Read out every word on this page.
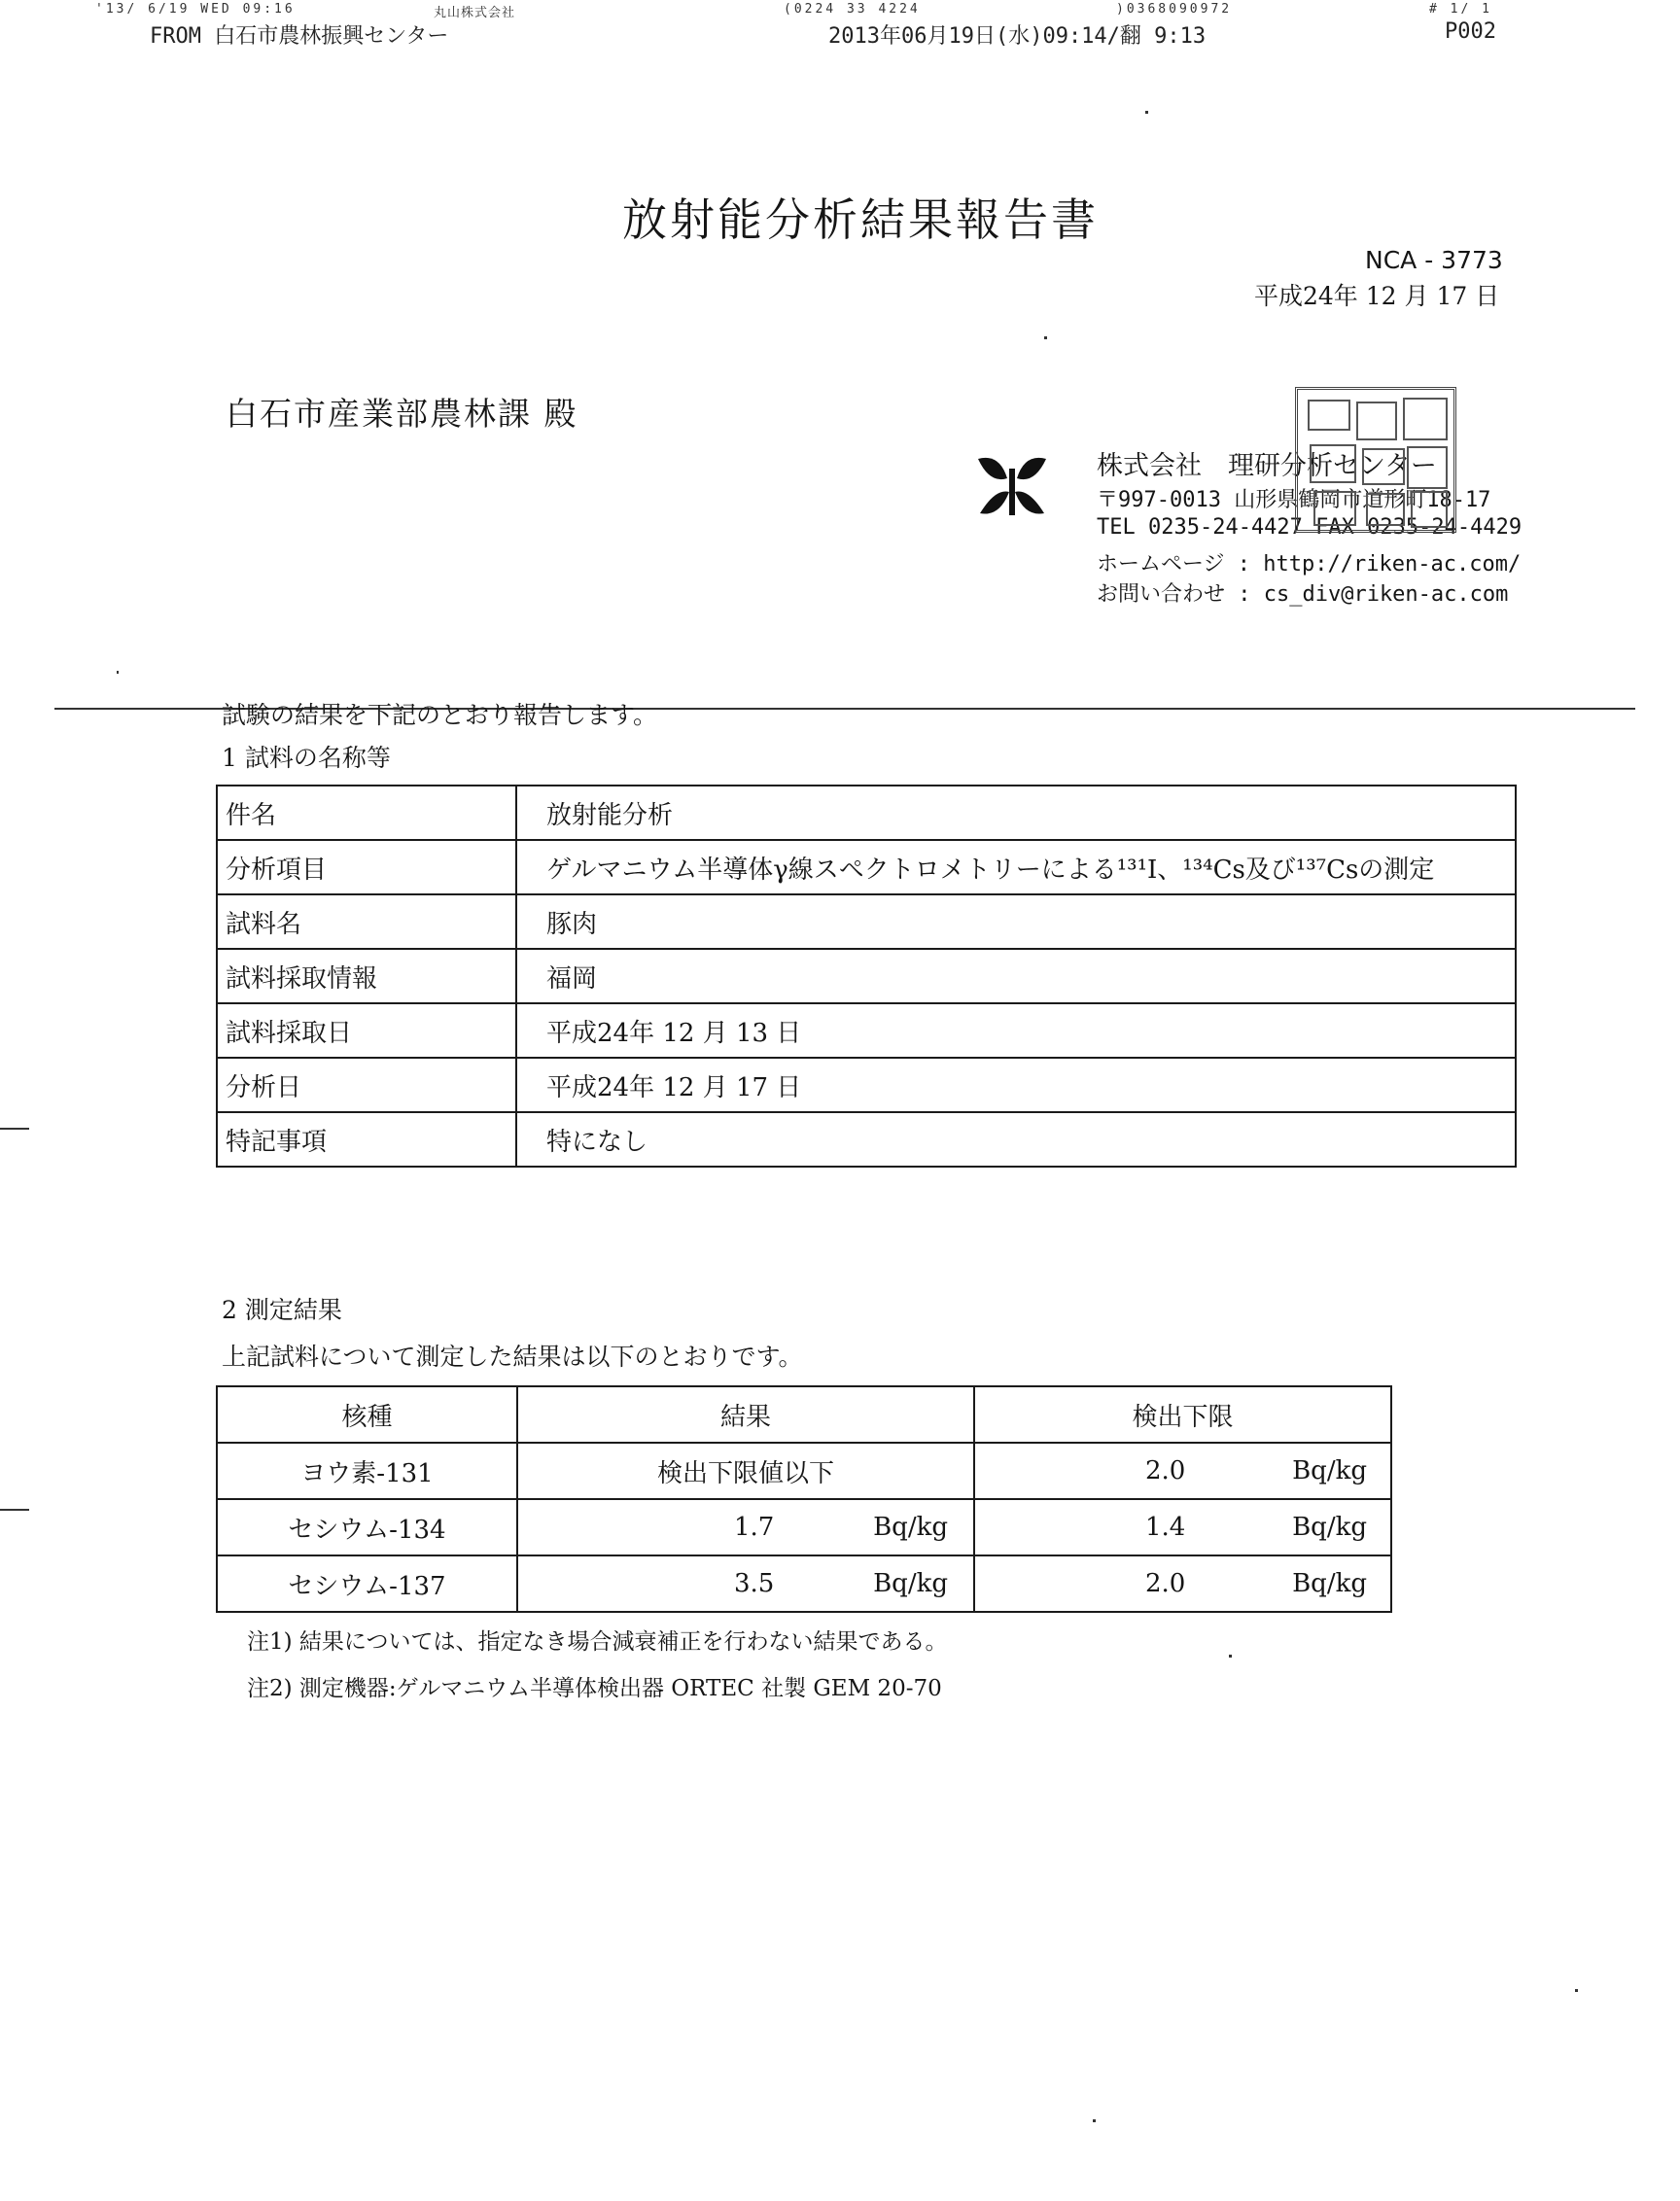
'13/ 6/19 WED 09:16	丸山株式会社	(0224 33 4224	)0368090972	# 1/ 1
FROM 白石市農林振興センター	2013年06月19日(水)09:14/翻 9:13	P002
放射能分析結果報告書
NCA - 3773
平成24年 12 月 17 日
白石市産業部農林課 殿
株式会社　理研分析センター
〒997-0013 山形県鶴岡市道形町18-17
TEL 0235-24-4427 FAX 0235-24-4429
ホームページ : http://riken-ac.com/
お問い合わせ : cs_div@riken-ac.com
試験の結果を下記のとおり報告します。
1 試料の名称等
件名	放射能分析
分析項目	ゲルマニウム半導体γ線スペクトロメトリーによる¹³¹I、¹³⁴Cs及び¹³⁷Csの測定
試料名	豚肉
試料採取情報	福岡
試料採取日	平成24年 12 月 13 日
分析日	平成24年 12 月 17 日
特記事項	特になし
2 測定結果
上記試料について測定した結果は以下のとおりです。
核種	結果	検出下限
ヨウ素-131	検出下限値以下	2.0 Bq/kg

セシウム-134	1.7 Bq/kg	1.4 Bq/kg

セシウム-137	3.5 Bq/kg	2.0 Bq/kg
注1) 結果については、指定なき場合減衰補正を行わない結果である。
注2) 測定機器:ゲルマニウム半導体検出器 ORTEC 社製 GEM 20-70
